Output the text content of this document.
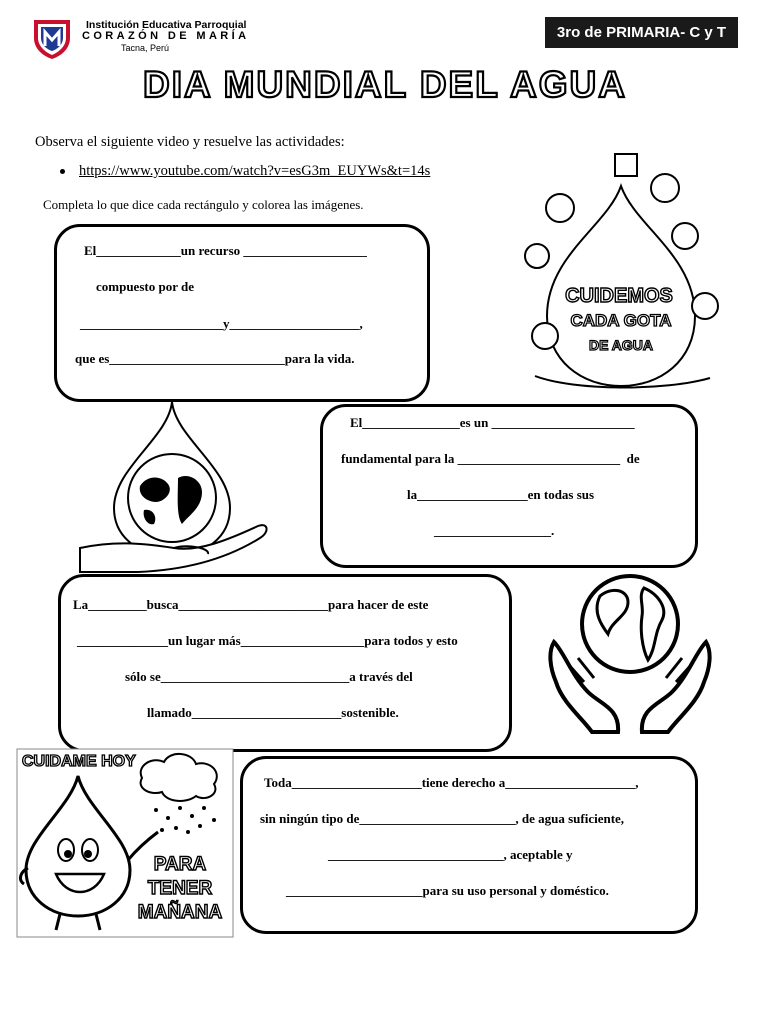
Institución Educativa Parroquial
CORAZÓN DE MARÍA
Tacna, Perú
3ro de PRIMARIA- C y T
DIA MUNDIAL DEL AGUA
Observa el siguiente video y resuelve las actividades:
https://www.youtube.com/watch?v=esG3m_EUYWs&t=14s
Completa lo que dice cada rectángulo y colorea las imágenes.
El_____________un recurso ___________________
compuesto por de
______________________y____________________,
que es___________________________para la vida.
El_______________es un ______________________
fundamental para la _________________________  de
la_________________en todas sus
__________________.
La_________busca_______________________para hacer de este
______________un lugar más___________________para todos y esto
sólo se_____________________________a través del
llamado_______________________sostenible.
Toda____________________tiene derecho a____________________,
sin ningún tipo de________________________, de agua suficiente,
___________________________, aceptable y
_____________________para su uso personal y doméstico.
CUIDEMOS
CADA GOTA
DE AGUA
CUIDAME HOY
PARA
TENER
MAÑANA
